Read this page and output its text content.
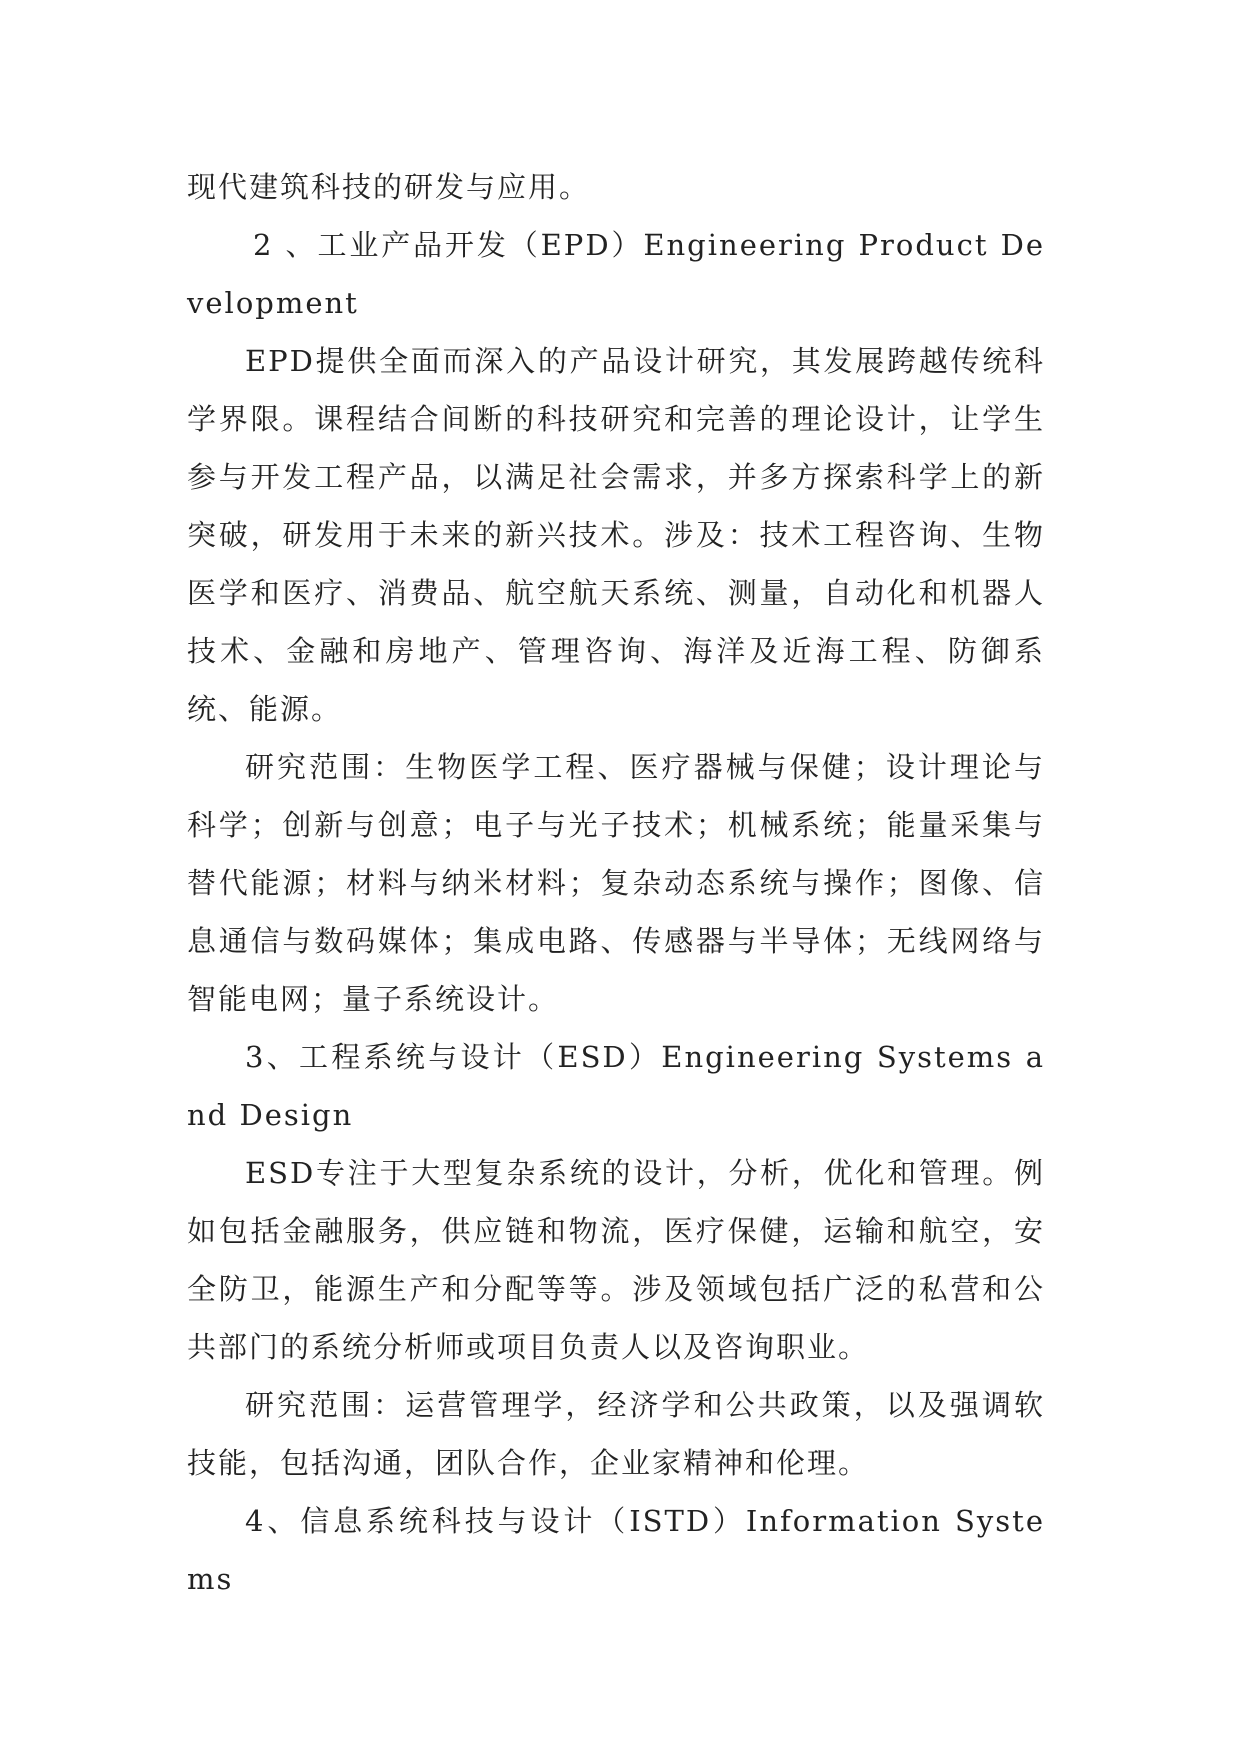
现代建筑科技的研发与应用。

2 、工业产品开发（EPD）Engineering Product Development

EPD提供全面而深入的产品设计研究，其发展跨越传统科学界限。课程结合间断的科技研究和完善的理论设计，让学生参与开发工程产品，以满足社会需求，并多方探索科学上的新突破，研发用于未来的新兴技术。涉及：技术工程咨询、生物医学和医疗、消费品、航空航天系统、测量，自动化和机器人技术、金融和房地产、管理咨询、海洋及近海工程、防御系统、能源。

研究范围：生物医学工程、医疗器械与保健；设计理论与科学；创新与创意；电子与光子技术；机械系统；能量采集与替代能源；材料与纳米材料；复杂动态系统与操作；图像、信息通信与数码媒体；集成电路、传感器与半导体；无线网络与智能电网；量子系统设计。

3、工程系统与设计（ESD）Engineering Systems and Design

ESD专注于大型复杂系统的设计，分析，优化和管理。例如包括金融服务，供应链和物流，医疗保健，运输和航空，安全防卫，能源生产和分配等等。涉及领域包括广泛的私营和公共部门的系统分析师或项目负责人以及咨询职业。

研究范围：运营管理学，经济学和公共政策，以及强调软技能，包括沟通，团队合作，企业家精神和伦理。

4、信息系统科技与设计（ISTD）Information Systems
